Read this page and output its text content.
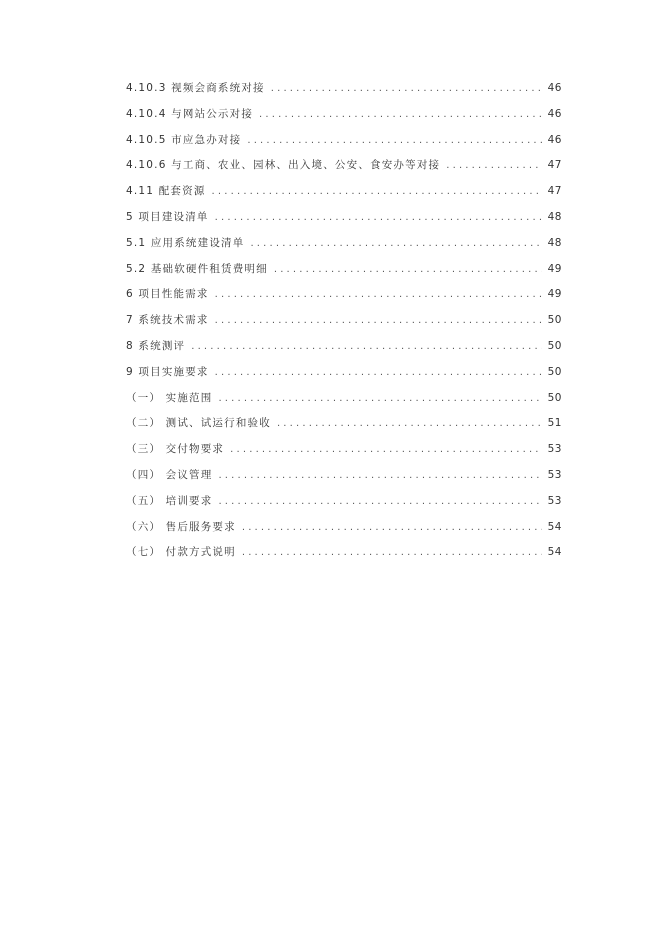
4.10.3 视频会商系统对接 . . .	46
4.10.4 与网站公示对接 . . .	46
4.10.5 市应急办对接 . . .	46
4.10.6 与工商、农业、园林、出入境、公安、食安办等对接 . . .	47
4.11 配套资源 . . .	47
5 项目建设清单 . . .	48
5.1 应用系统建设清单 . . .	48
5.2 基础软硬件租赁费明细 . . .	49
6 项目性能需求 . . .	49
7 系统技术需求 . . .	50
8 系统测评 . . .	50
9 项目实施要求 . . .	50
（一） 实施范围 . . .	50
（二） 测试、试运行和验收 . . .	51
（三） 交付物要求 . . .	53
（四） 会议管理 . . .	53
（五） 培训要求 . . .	53
（六） 售后服务要求 . . .	54
（七） 付款方式说明 . . .	54
